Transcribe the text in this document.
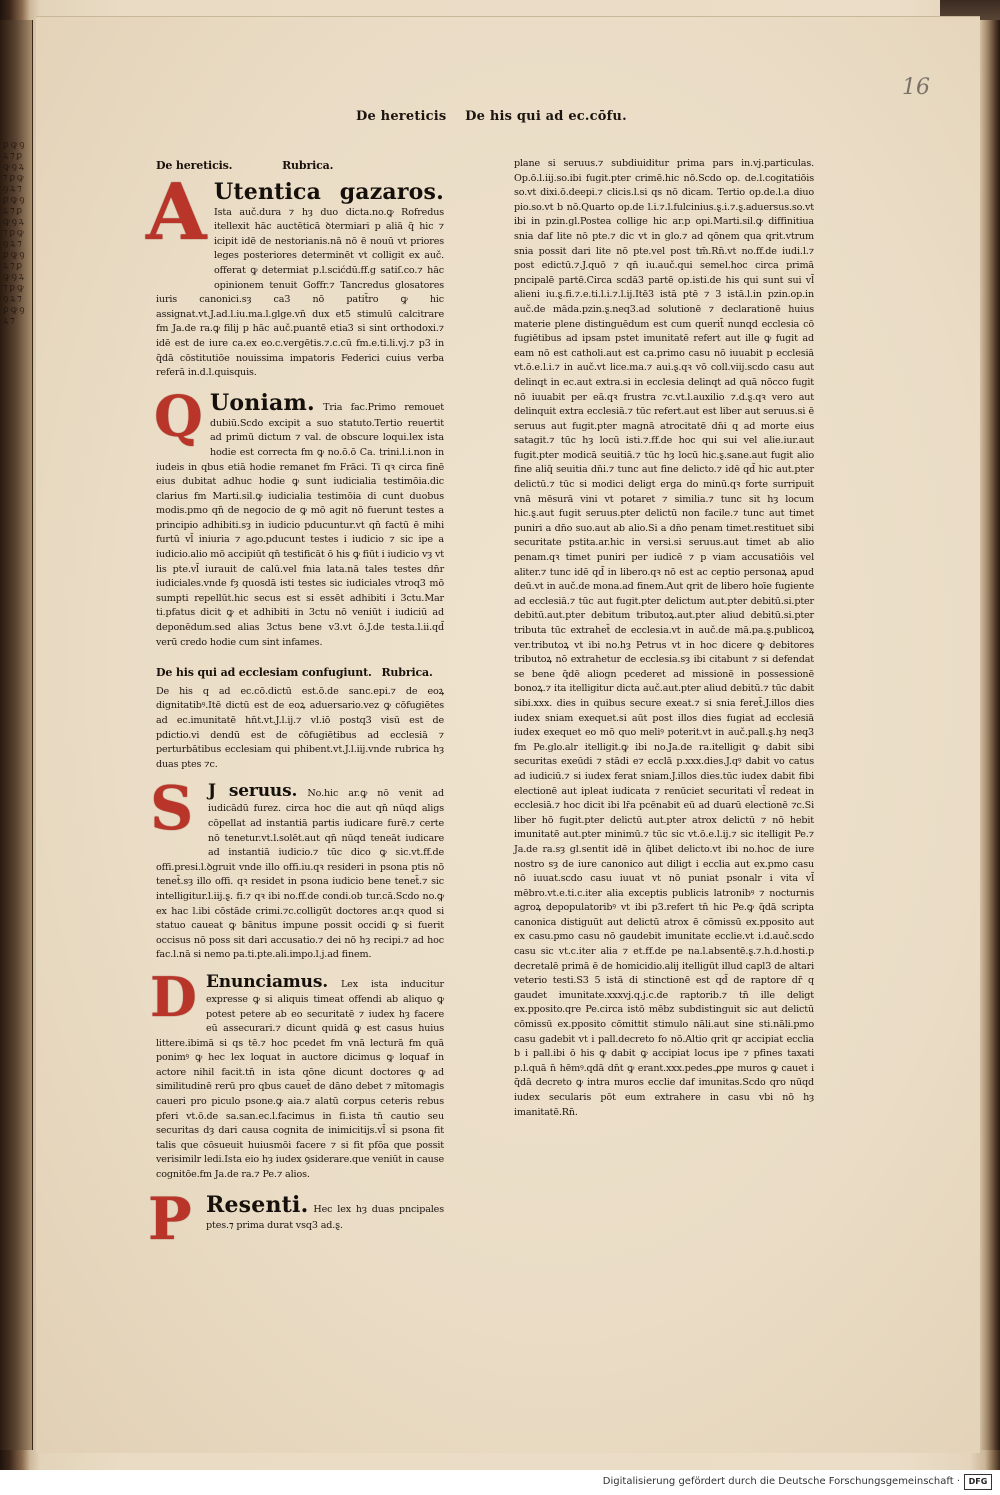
ꝑ ꝙ ꝯ ꝝ ⁊ ꝑ ꝙ ꝯ ꝝ ⁊ ꝑ ꝙ ꝯ ꝝ ⁊ ꝑ ꝙ ꝯ ꝝ ⁊ ꝑ ꝙ ꝯ ꝝ ⁊ ꝑ ꝙ ꝯ ꝝ ⁊ ꝑ ꝙ ꝯ ꝝ ⁊ ꝑ ꝙ ꝯ ꝝ ⁊ ꝑ ꝙ ꝯ ꝝ ⁊ ꝑ ꝙ ꝯ ꝝ ⁊
16
De hereticis De his qui ad ec.cōfu.
De hereticis.	Rubrica.

A Utentica gazaros. Ista auč.dura ⁊ hȝ duo dicta.no.ꝙ Rofredus itellexit hāc auctēticā ꝺtermiari p aliā q̄ hic ⁊ icipit idē de nestorianis.nā nō ē nouū vt priores leges posteriores determinēt vt colligit ex auč. offerat ꝙ determiat p.l.scićdū.ff.g satiſ.co.⁊ hāc opinionem tenuit Goffr.⁊ Tancredus glosatores iuris canonici.sȝ ca3 nō patit̄ro ꝙ hic assignat.vt.J.ad.l.iu.ma.l.glge.vn̄ dux et5 stimulū calcitrare fm Ja.de ra.ꝙ filij p hāc auč.puantē etia3 si sint orthodoxi.⁊ idē est de iure ca.ex eo.c.vergētis.⁊.c.cū fm.e.ti.li.vj.⁊ p3 in q̄dā cōstitutiōe nouissima impatoris Federici cuius verba referā in.d.l.quisquis.

Q Uoniam. Tria fac.Primo remouet dubiū.Scdo excipit a suo statuto.Tertio reuertit ad primū dictum ⁊ val. de obscure loqui.lex ista hodie est correcta fm ꝙ no.ō.ō Ca. trini.l.i.non in iudeis in qbus etiā hodie remanet fm Frāci. Ti qꝛ circa finē eius dubitat adhuc hodie ꝙ sunt iudicialia testimōia.dic clarius fm Marti.sil.ꝙ iudicialia testimōia di cunt duobus modis.pmo qn̄ de negocio de ꝙ mō agit nō fuerunt testes a principio adhibiti.sȝ in iudicio pducuntur.vt qn̄ factū ē mihi furtū vl̄ iniuria ⁊ ago.pducunt testes i iudicio ⁊ sic ipe a iudicio.alio mō accipiūt qn̄ testificāt ō his ꝙ fiūt i iudicio vȝ vt lis pte.vl̄ iurauit de calū.vel fnia lata.nā tales testes dn̄r iudiciales.vnde fȝ quosdā isti testes sic iudiciales vtroq3 mō sumpti repellūt.hic secus est si essēt adhibiti i 3ctu.Mar ti.pfatus dicit ꝙ et adhibiti in 3ctu nō veniūt i iudiciū ad deponēdum.sed alias 3ctus bene v3.vt ō.J.de testa.l.ii.qd̄ verū credo hodie cum sint infames.

De his qui ad ecclesiam confugiunt. Rubrica.

De his q ad ec.cō.dictū est.ō.de sanc.epi.⁊ de eoꝝ dignitatibꝰ.Itē dictū est de eoꝝ aduersario.vez ꝙ cōfugiētes ad ec.imunitatē hn̄t.vt.J.l.ij.⁊ vl.iō postq3 visū est de pdictio.vi dendū est de cōfugiētibus ad ecclesiā ⁊ perturbātibus ecclesiam qui phibent.vt.J.l.iij.vnde rubrica hȝ duas ptes ⁊c.

S J seruus. No.hic ar.ꝙ nō venit ad iudicādū furez. circa hoc die aut qn̄ nūqd aligs cōpellat ad instantiā partis iudicare furē.⁊ certe nō tenetur.vt.l.solēt.aut qn̄ nūqd teneāt iudicare ad instantiā iudicio.⁊ tūc dico ꝙ sic.vt.ff.de offi.presi.l.ꝺgruit vnde illo offi.iu.qꝛ resideri in psona ptis nō tenet̄.sȝ illo offi. qꝛ residet in psona iudicio bene tenet̄.⁊ sic intelligitur.l.iij.ȿ. fi.⁊ qꝛ ibi no.ff.de condi.ob tur.cā.Scdo no.ꝙ ex hac l.ibi cōstāde crimi.⁊c.colligūt doctores ar.qꝛ quod si statuo caueat ꝙ bānitus impune possit occidi ꝙ si fuerit occisus nō poss sit dari accusatio.⁊ dei nō hȝ recipi.⁊ ad hoc fac.l.nā si nemo pa.ti.pte.ali.impo.l.j.ad finem.

D Enunciamus. Lex ista inducitur expresse ꝙ si aliquis timeat offendi ab aliquo ꝙ potest petere ab eo securitatē ⁊ iudex hȝ facere eū assecurari.⁊ dicunt quidā ꝙ est casus huius littere.ibimā si qs tē.⁊ hoc pcedet fm vnā lecturā fm quā ponimꝰ ꝙ hec lex loquat in auctore dicimus ꝙ loquaf in actore nihil facit.tn̄ in ista qōne dicunt doctores ꝙ ad similitudinē rerū pro qbus cauet̄ de dāno debet ⁊ mītomagis caueri pro piculo psone.ꝙ aia.⁊ alatū corpus ceteris rebus pferi vt.ō.de sa.san.ec.l.facimus in fi.ista tn̄ cautio seu securitas dȝ dari causa cognita de inimicitijs.vl̄ si psona fit talis que cōsueuit huiusmōi facere ⁊ si fit pfōa que possit verisimilr ledi.Ista eio hȝ iudex ꝯsiderare.que veniūt in cause cognitōe.fm Ja.de ra.⁊ Pe.⁊ alios.

P Resenti. Hec lex hȝ duas pncipales ptes.⁊ prima durat vsq3 ad.ȿ.

plane si seruus.⁊ subdiuiditur prima pars in.vj.particulas. Op.ō.l.iij.so.ibi fugit.pter crimē.hic nō.Scdo op. de.l.cogitatiōis so.vt dixi.ō.deepi.⁊ clicis.l.si qs nō dicam. Tertio op.de.l.a diuo pio.so.vt b nō.Quarto op.de l.i.⁊.l.fulcinius.ȿ.i.⁊.ȿ.aduersus.so.vt ibi in pzin.gl.Postea collige hic ar.p opi.Marti.sil.ꝙ diffinitiua snia daf lite nō pte.⁊ dic vt in glo.⁊ ad qōnem qua qrit.vtrum snia possit dari lite nō pte.vel post tm̄.Rn̄.vt no.ff.de iudi.l.⁊ post edictū.⁊.J.quō ⁊ qn̄ iu.auč.qui semel.hoc circa primā pncipalē partē.Circa scdā3 partē op.isti.de his qui sunt sui vl̄ alieni iu.ȿ.fi.⁊.e.ti.l.i.⁊.l.ij.Itē3 istā ptē ⁊ 3 istā.l.in pzin.op.in auč.de māda.pzin.ȿ.neq3.ad solutionē ⁊ declarationē huius materie plene distinguēdum est cum querit̄ nunqd ecclesia cō fugiētibus ad ipsam pstet imunitatē refert aut ille ꝙ fugit ad eam nō est catholi.aut est ca.primo casu nō iuuabit p ecclesiā vt.ō.e.l.i.⁊ in auč.vt lice.ma.⁊ aui.ȿ.qꝛ vō coll.viij.scdo casu aut delinqt in ec.aut extra.si in ecclesia delinqt ad quā nōcco fugit nō iuuabit per eā.qꝛ frustra ⁊c.vt.l.auxilio ⁊.d.ȿ.qꝛ vero aut delinquit extra ecclesiā.⁊ tūc refert.aut est liber aut seruus.si ē seruus aut fugit.pter magnā atrocitatē dn̄i q ad morte eius satagit.⁊ tūc hȝ locū isti.⁊.ff.de hoc qui sui vel alie.iur.aut fugit.pter modicā seuitiā.⁊ tūc hȝ locū hic.ȿ.sane.aut fugit alio fine aliq̄ seuitia dn̄i.⁊ tunc aut fine delicto.⁊ idē qd̄ hic aut.pter delictū.⁊ tūc si modici deligt erga do minū.qꝛ forte surripuit vnā mēsurā vini vt potaret ⁊ similia.⁊ tunc sit hȝ locum hic.ȿ.aut fugit seruus.pter delictū non facile.⁊ tunc aut timet puniri a dn̄o suo.aut ab alio.Si a dn̄o penam timet.restituet sibi securitate pstita.ar.hic in versi.si seruus.aut timet ab alio penam.qꝛ timet puniri per iudicē ⁊ p viam accusatiōis vel aliter.⁊ tunc idē qd̄ in libero.qꝛ nō est ac ceptio personaꝝ apud deū.vt in auč.de mona.ad finem.Aut qrit de libero hoīe fugiente ad ecclesiā.⁊ tūc aut fugit.pter delictum aut.pter debitū.si.pter debitū.aut.pter debitum tributoꝝ.aut.pter aliud debitū.si.pter tributa tūc extrahet̄ de ecclesia.vt in auč.de mā.pa.ȿ.publicoꝝ ver.tributoꝝ vt ibi no.hȝ Petrus vt in hoc dicere ꝙ debitores tributoꝝ nō extrahetur de ecclesia.sȝ ibi citabunt ⁊ si defendat se bene q̄dē aliogn pcederet ad missionē in possessionē bonoꝝ.⁊ ita itelligitur dicta auč.aut.pter aliud debitū.⁊ tūc dabit sibi.xxx. dies in quibus secure exeat.⁊ si snia feret̄.J.illos dies iudex sniam exequet.si aūt post illos dies fugiat ad ecclesiā iudex exequet eo mō quo meliꝰ poterit.vt in auč.pall.ȿ.hȝ neq3 fm Pe.glo.alr itelligit.ꝙ ibi no.Ja.de ra.itelligit ꝙ dabit sibi securitas exeūdi ⁊ stādi e⁊ ecclā p.xxx.dies.J.qꝰ dabit vo catus ad iudiciū.⁊ si iudex ferat sniam.J.illos dies.tūc iudex dabit fibi electionē aut ipleat iudicata ⁊ renūciet securitati vl̄ redeat in ecclesiā.⁊ hoc dicit ibi lr̄a pcēnabit eū ad duarū electionē ⁊c.Si liber hō fugit.pter delictū aut.pter atrox delictū ⁊ nō hebit imunitatē aut.pter minimū.⁊ tūc sic vt.ō.e.l.ij.⁊ sic itelligit Pe.⁊ Ja.de ra.sȝ gl.sentit idē in q̄libet delicto.vt ibi no.hoc de iure nostro sȝ de iure canonico aut diligt i ecclia aut ex.pmo casu nō iuuat.scdo casu iuuat vt nō puniat psonalr i vita vl̄ mēbro.vt.e.ti.c.iter alia exceptis publicis latronibꝰ ⁊ nocturnis agroꝝ depopulatoribꝰ vt ibi p3.refert tn̄ hic Pe.ꝙ q̄dā scripta canonica distiguūt aut delictū atrox ē cōmissū ex.pposito aut ex casu.pmo casu nō gaudebit imunitate ecclie.vt i.d.auč.scdo casu sic vt.c.iter alia ⁊ et.ff.de pe na.l.absentē.ȿ.⁊.h.d.hosti.p decretalē primā ē de homicidio.alij itelligūt illud capl3 de altari veterio testi.S3 5 istā di stinctionē est qd̄ de raptore dr̄ q gaudet imunitate.xxxvj.q.j.c.de raptorib.⁊ tn̄ ille deligt ex.pposito.qre Pe.circa istō mēbz subdistinguit sic aut delictū cōmissū ex.pposito cōmittit stimulo nāli.aut sine sti.nāli.pmo casu gadebit vt i pall.decreto fo nō.Altio qrit qr accipiat ecclia b i pall.ibi ō his ꝙ dabit ꝙ accipiat locus ipe ⁊ pfines taxati p.l.quā n̄ hēmꝰ.qdā dn̄t ꝙ erant.xxx.pedes.ꝓpe muros ꝙ cauet i q̄dā decreto ꝙ intra muros ecclie daf imunitas.Scdo qro nūqd iudex secularis pōt eum extrahere in casu vbi nō hȝ imanitatē.Rn̄.

Digitalisierung gefördert durch die Deutsche Forschungsgemeinschaft ·	DFG
